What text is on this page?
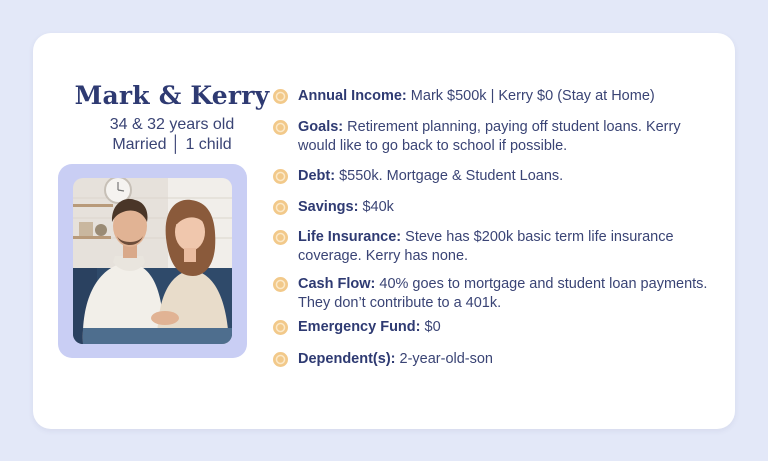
Mark & Kerry
34 & 32 years old
Married │ 1 child
Annual Income: Mark $500k | Kerry $0 (Stay at Home)
Goals: Retirement planning, paying off student loans. Kerry would like to go back to school if possible.
Debt: $550k. Mortgage & Student Loans.
Savings: $40k
Life Insurance: Steve has $200k basic term life insurance coverage. Kerry has none.
Cash Flow: 40% goes to mortgage and student loan payments. They don’t contribute to a 401k.
Emergency Fund: $0
Dependent(s): 2-year-old-son
